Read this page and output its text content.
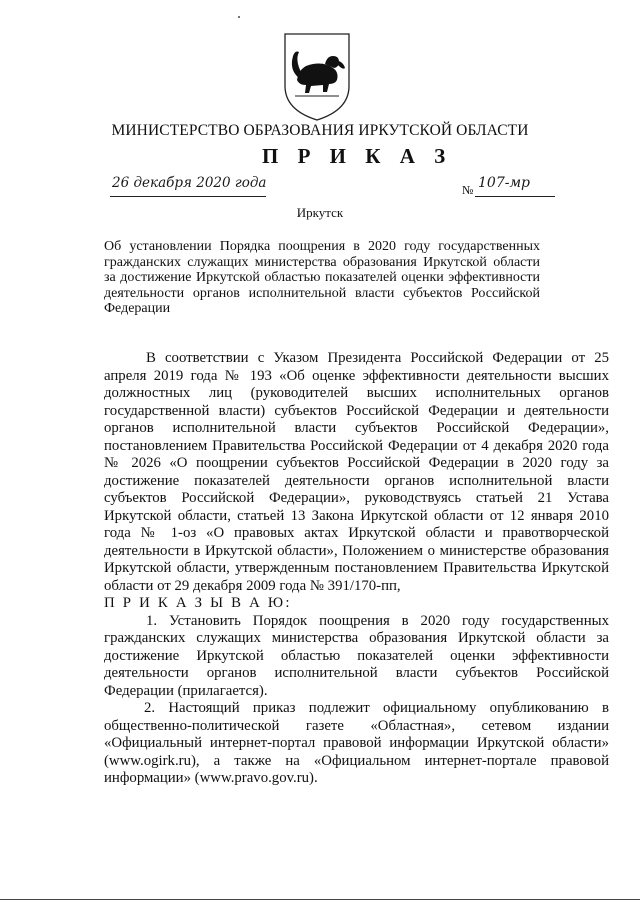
МИНИСТЕРСТВО ОБРАЗОВАНИЯ ИРКУТСКОЙ ОБЛАСТИ
П Р И К А З
26 декабря 2020 года	№ 107-мр
Иркутск
Об установлении Порядка поощрения в 2020 году государственных гражданских служащих министерства образования Иркутской области за достижение Иркутской областью показателей оценки эффективности деятельности органов исполнительной власти субъектов Российской Федерации

В соответствии с Указом Президента Российской Федерации от 25 апреля 2019 года № 193 «Об оценке эффективности деятельности высших должностных лиц (руководителей высших исполнительных органов государственной власти) субъектов Российской Федерации и деятельности органов исполнительной власти субъектов Российской Федерации», постановлением Правительства Российской Федерации от 4 декабря 2020 года № 2026 «О поощрении субъектов Российской Федерации в 2020 году за достижение показателей деятельности органов исполнительной власти субъектов Российской Федерации», руководствуясь статьей 21 Устава Иркутской области, статьей 13 Закона Иркутской области от 12 января 2010 года № 1-оз «О правовых актах Иркутской области и правотворческой деятельности в Иркутской области», Положением о министерстве образования Иркутской области, утвержденным постановлением Правительства Иркутской области от 29 декабря 2009 года № 391/170-пп,

П Р И К А З Ы В А Ю:

1. Установить Порядок поощрения в 2020 году государственных гражданских служащих министерства образования Иркутской области за достижение Иркутской областью показателей оценки эффективности деятельности органов исполнительной власти субъектов Российской Федерации (прилагается).

2. Настоящий приказ подлежит официальному опубликованию в общественно-политической газете «Областная», сетевом издании «Официальный интернет-портал правовой информации Иркутской области» (www.ogirk.ru), а также на «Официальном интернет-портале правовой информации» (www.pravo.gov.ru).
